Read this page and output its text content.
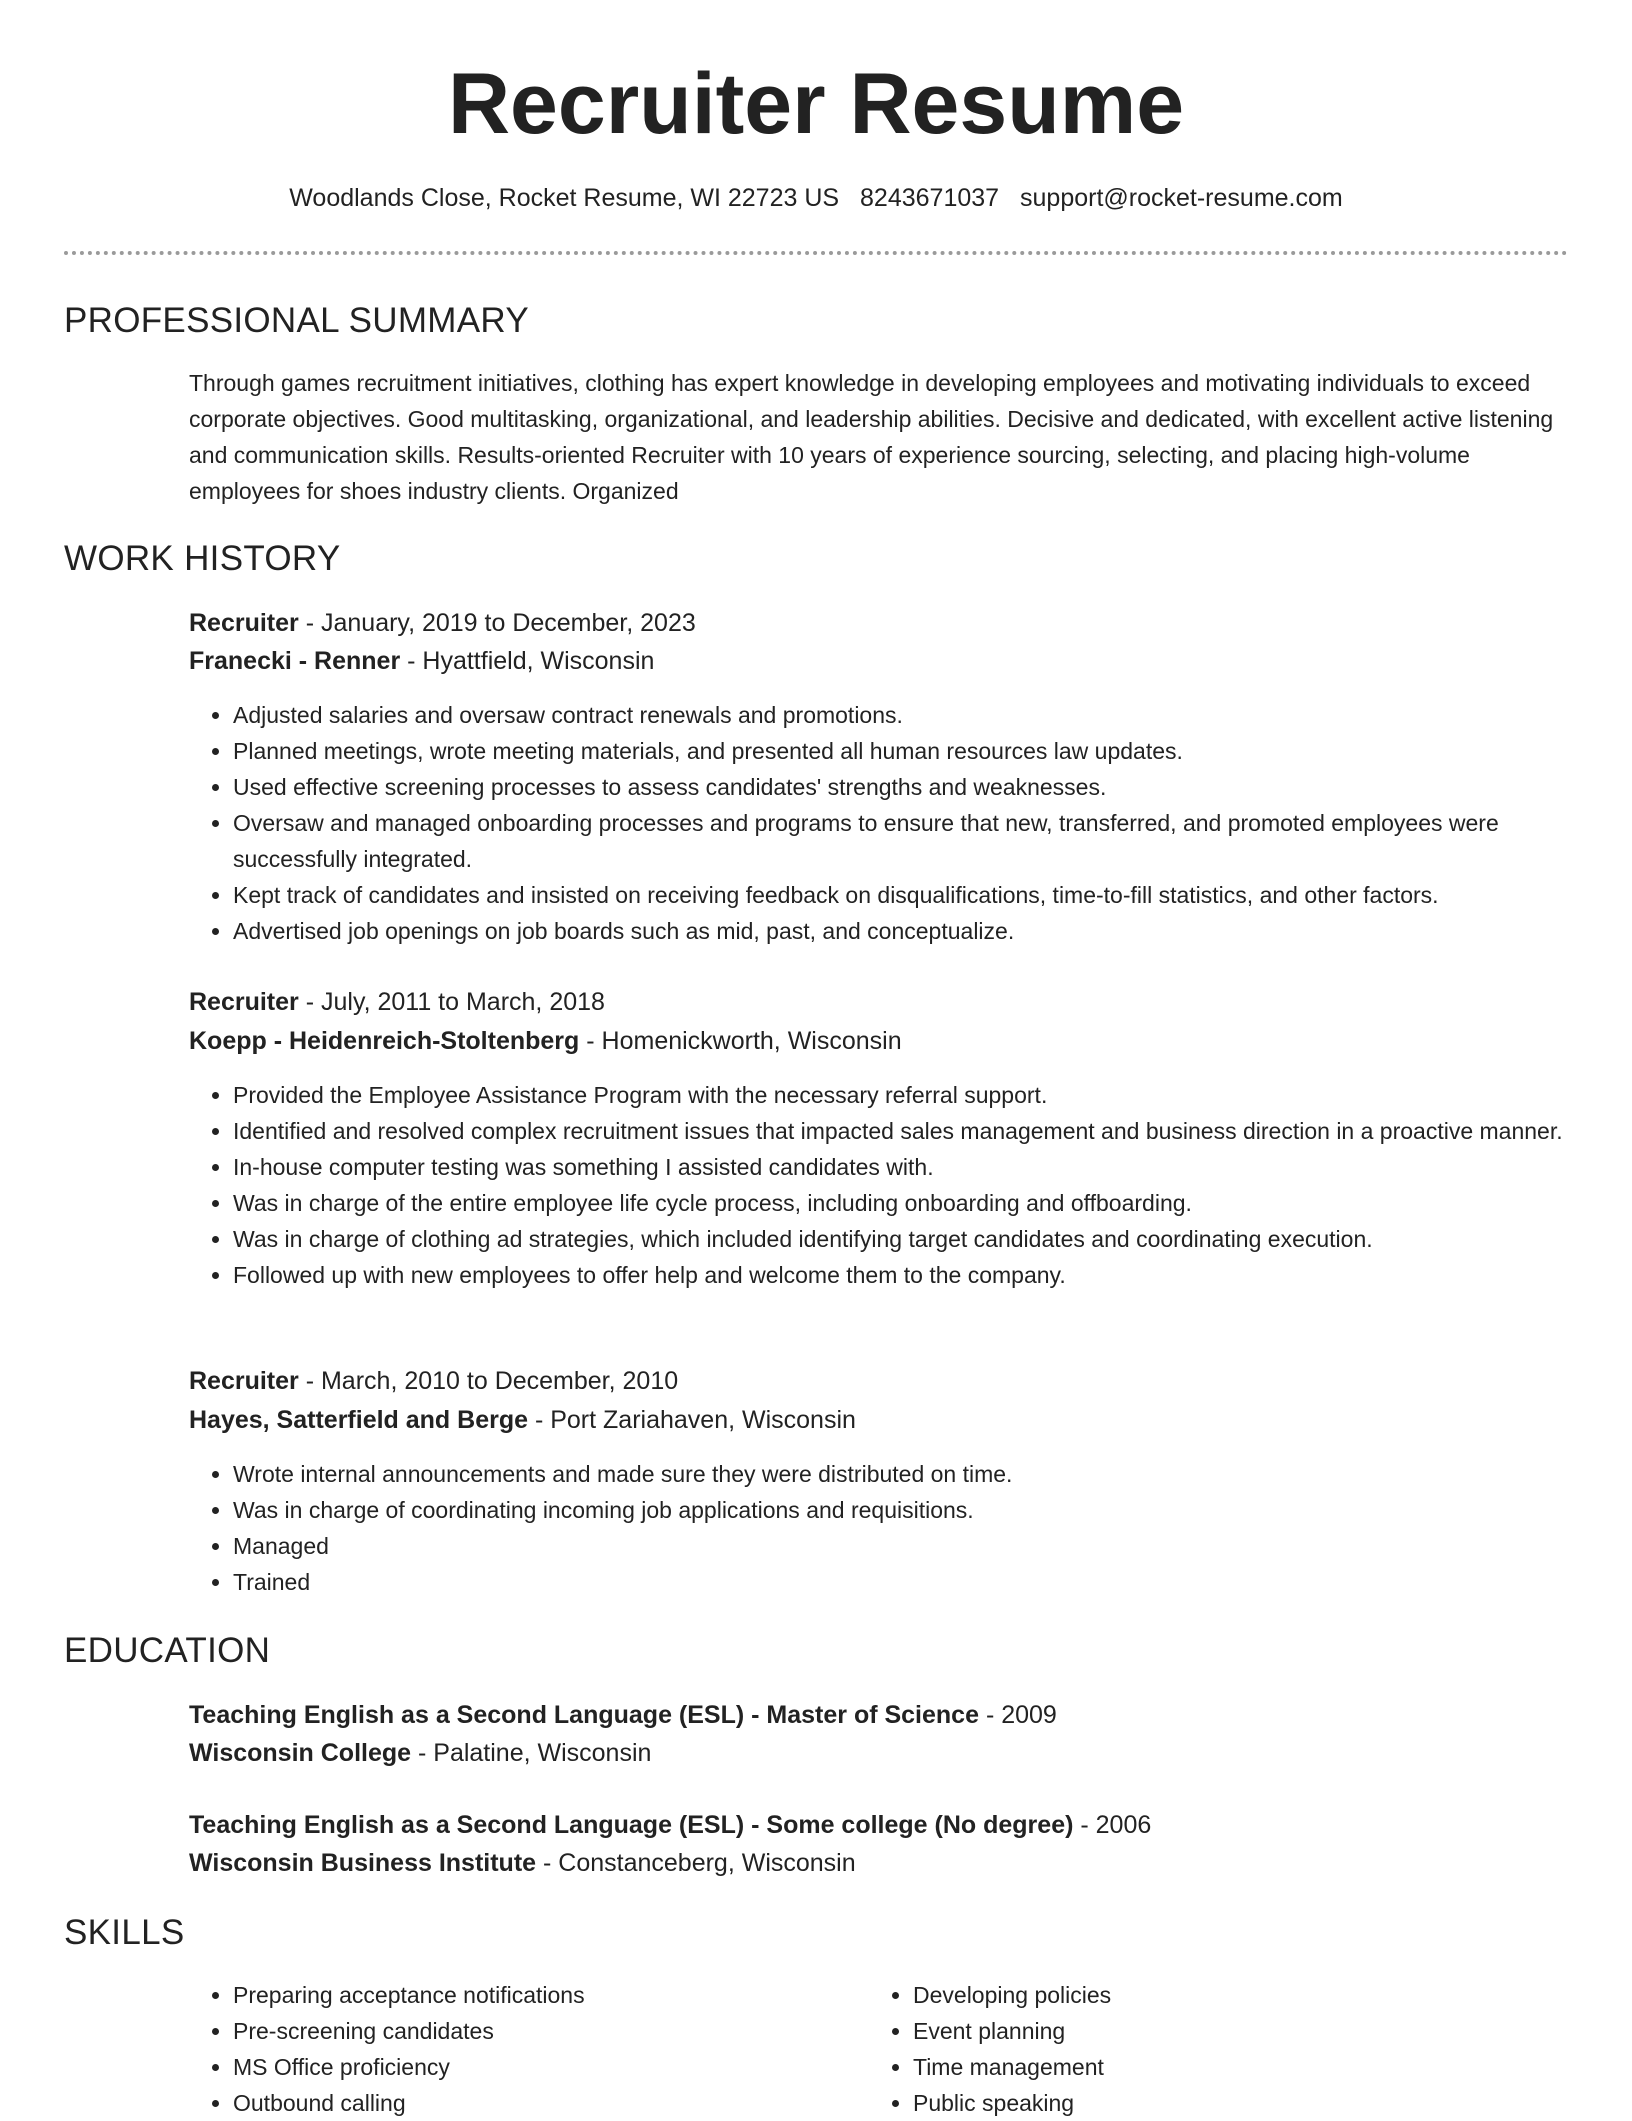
Recruiter Resume
Woodlands Close, Rocket Resume, WI 22723 US 8243671037 support@rocket-resume.com
PROFESSIONAL SUMMARY

Through games recruitment initiatives, clothing has expert knowledge in developing employees and motivating individuals to exceed corporate objectives. Good multitasking, organizational, and leadership abilities. Decisive and dedicated, with excellent active listening and communication skills. Results-oriented Recruiter with 10 years of experience sourcing, selecting, and placing high-volume employees for shoes industry clients. Organized

WORK HISTORY
Recruiter - January, 2019 to December, 2023
Franecki - Renner - Hyattfield, Wisconsin
• Adjusted salaries and oversaw contract renewals and promotions.
• Planned meetings, wrote meeting materials, and presented all human resources law updates.
• Used effective screening processes to assess candidates' strengths and weaknesses.
• Oversaw and managed onboarding processes and programs to ensure that new, transferred, and promoted employees were successfully integrated.
• Kept track of candidates and insisted on receiving feedback on disqualifications, time-to-fill statistics, and other factors.
• Advertised job openings on job boards such as mid, past, and conceptualize.
Recruiter - July, 2011 to March, 2018
Koepp - Heidenreich-Stoltenberg - Homenickworth, Wisconsin
• Provided the Employee Assistance Program with the necessary referral support.
• Identified and resolved complex recruitment issues that impacted sales management and business direction in a proactive manner.
• In-house computer testing was something I assisted candidates with.
• Was in charge of the entire employee life cycle process, including onboarding and offboarding.
• Was in charge of clothing ad strategies, which included identifying target candidates and coordinating execution.
• Followed up with new employees to offer help and welcome them to the company.
Recruiter - March, 2010 to December, 2010
Hayes, Satterfield and Berge - Port Zariahaven, Wisconsin
• Wrote internal announcements and made sure they were distributed on time.
• Was in charge of coordinating incoming job applications and requisitions.
• Managed
• Trained
EDUCATION
Teaching English as a Second Language (ESL) - Master of Science - 2009
Wisconsin College - Palatine, Wisconsin
Teaching English as a Second Language (ESL) - Some college (No degree) - 2006
Wisconsin Business Institute - Constanceberg, Wisconsin
SKILLS
• Preparing acceptance notifications
• Pre-screening candidates
• MS Office proficiency
• Outbound calling
• Developing policies
• Event planning
• Time management
• Public speaking
